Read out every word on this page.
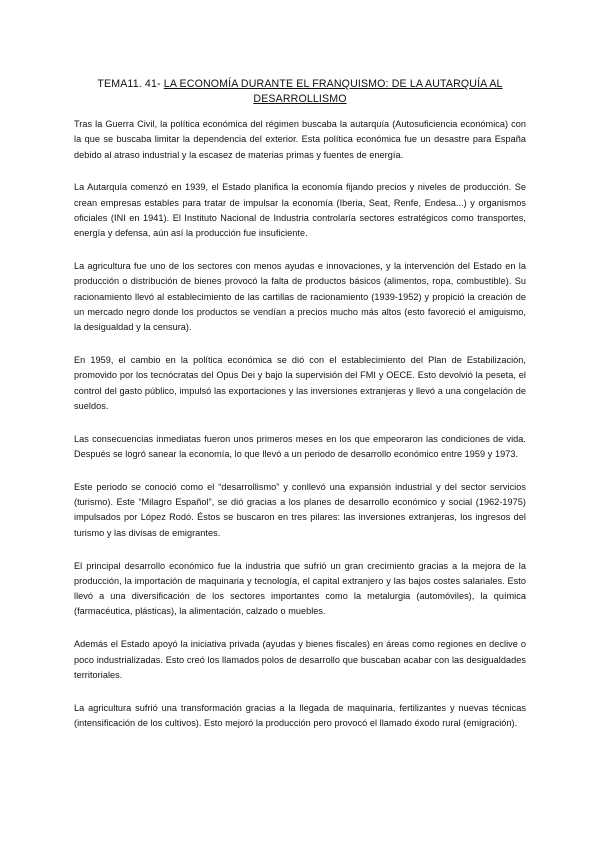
TEMA11. 41- LA ECONOMÍA DURANTE EL FRANQUISMO: DE LA AUTARQUÍA AL DESARROLLISMO

Tras la Guerra Civil, la política económica del régimen buscaba la autarquía (Autosuficiencia económica) con la que se buscaba limitar la dependencia del exterior. Esta política económica fue un desastre para España debido al atraso industrial y la escasez de materias primas y fuentes de energía.

La Autarquía comenzó en 1939, el Estado planifica la economía fijando precios y niveles de producción. Se crean empresas estables para tratar de impulsar la economía (Iberia, Seat, Renfe, Endesa...) y organismos oficiales (INI en 1941). El Instituto Nacional de Industria controlaría sectores estratégicos como transportes, energía y defensa, aún así la producción fue insuficiente.

La agricultura fue uno de los sectores con menos ayudas e innovaciones, y la intervención del Estado en la producción o distribución de bienes provocó la falta de productos básicos (alimentos, ropa, combustible). Su racionamiento llevó al establecimiento de las cartillas de racionamiento (1939-1952) y propició la creación de un mercado negro donde los productos se vendían a precios mucho más altos (esto favoreció el amiguismo, la desigualdad y la censura).

En 1959, el cambio en la política económica se dió con el establecimiento del Plan de Estabilización, promovido por los tecnócratas del Opus Dei y bajo la supervisión del FMI y OECE. Esto devolvió la peseta, el control del gasto público, impulsó las exportaciones y las inversiones extranjeras y llevó a una congelación de sueldos.

Las consecuencias inmediatas fueron unos primeros meses en los que empeoraron las condiciones de vida. Después se logró sanear la economía, lo que llevó a un periodo de desarrollo económico entre 1959 y 1973.

Este periodo se conoció como el “desarrollismo” y conllevó una expansión industrial y del sector servicios (turismo). Este “Milagro Español”, se dió gracias a los planes de desarrollo económico y social (1962-1975) impulsados por López Rodó. Éstos se buscaron en tres pilares: las inversiones extranjeras, los ingresos del turismo y las divisas de emigrantes.

El principal desarrollo económico fue la industria que sufrió un gran crecimiento gracias a la mejora de la producción, la importación de maquinaria y tecnología, el capital extranjero y las bajos costes salariales. Esto llevó a una diversificación de los sectores importantes como la metalurgia (automóviles), la química (farmacéutica, plásticas), la alimentación, calzado o muebles.

Además el Estado apoyó la iniciativa privada (ayudas y bienes fiscales) en áreas como regiones en declive o poco industrializadas. Esto creó los llamados polos de desarrollo que buscaban acabar con las desigualdades territoriales.

La agricultura sufrió una transformación gracias a la llegada de maquinaria, fertilizantes y nuevas técnicas (intensificación de los cultivos). Esto mejoró la producción pero provocó el llamado éxodo rural (emigración).
